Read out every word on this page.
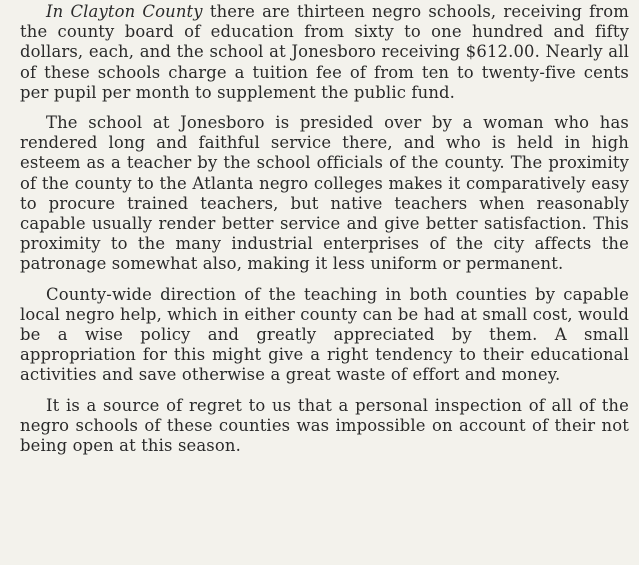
In Clayton County there are thirteen negro schools, receiving from the county board of education from sixty to one hundred and fifty dollars, each, and the school at Jonesboro receiving $612.00. Nearly all of these schools charge a tuition fee of from ten to twenty-five cents per pupil per month to supplement the public fund.

The school at Jonesboro is presided over by a woman who has rendered long and faithful service there, and who is held in high esteem as a teacher by the school officials of the county. The proximity of the county to the Atlanta negro colleges makes it comparatively easy to procure trained teachers, but native teachers when reasonably capable usually render better service and give better satisfaction. This proximity to the many industrial enterprises of the city affects the patronage somewhat also, making it less uniform or permanent.

County-wide direction of the teaching in both counties by capable local negro help, which in either county can be had at small cost, would be a wise policy and greatly appreciated by them. A small appropriation for this might give a right tendency to their educational activities and save otherwise a great waste of effort and money.

It is a source of regret to us that a personal inspection of all of the negro schools of these counties was impossible on account of their not being open at this season.
